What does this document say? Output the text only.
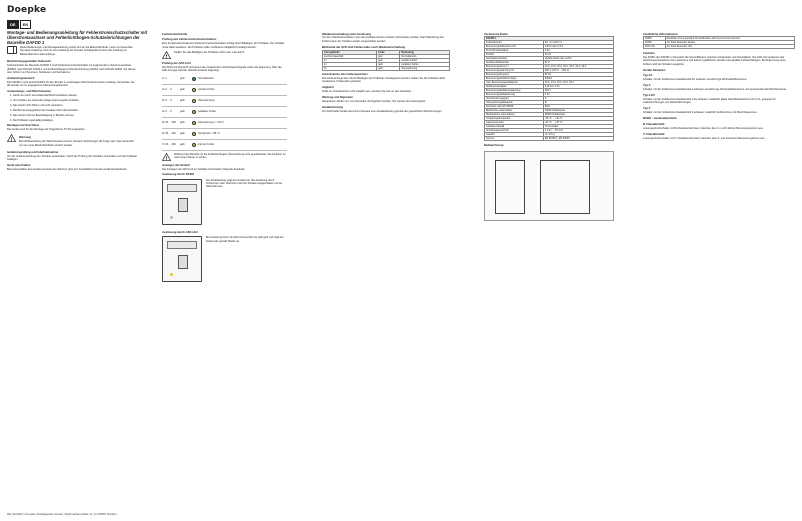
Doepke
DE	EN
Montage- und Bedienungsanleitung für Fehlerstromschutzschalter mit Überstromauslöser und Fehlerlichtbogen-Schutzeinrichtungen der Baureihe DAFDD 1

Diese Bedienungs- und Montageanleitung richtet sich an die Elektrofachkraft. Lesen und beachten Sie diese Anleitung. Dies ist eine Anleitung der Doepke Schaltgeräte GmbH. Die Anleitung ist Bestandteil des Lieferumfangs.

Bestimmungsgemäßer Gebrauch

Schutzschalter der Baureihe DAFDD 1 sind Fehlerstromschutzschalter mit ergänzendem Überstromauslöser (RCBO) nach DIN EN 61009-1 und Fehlerlichtbogen-Schutzeinrichtung (AFDD) nach DIN EN 62606. Sie dienen dem Schutz von Personen, Nutztieren und Sachwerten.

Anwendungsbereich

Die DAFDD 1 sind ausschließlich für den Einsatz in einphasigen Wechselstromnetzen zulässig. Verwenden Sie die Geräte nur im angegebenen Bemessungsbereich.

Anwendungs- und Warnhinweise

1. Gerät nur durch eine Elektrofachkraft installieren lassen.

2. Vor Arbeiten am Gerät die Anlage spannungsfrei schalten.

3. Das Gerät nicht öffnen und nicht verändern.

4. Die Bemessungsgrößen des Gerätes nicht überschreiten.

5. Das Gerät nicht bei Beschädigung in Betrieb nehmen.

6. Die Prüftaste regelmäßig betätigen.

Montage und Anschluss

Die Geräte sind für die Montage auf Tragschiene TS 35 vorgesehen.

!
Warnung

Bei Nichtbeachtung der Warnhinweise können schwere Verletzungen die Folge sein. Das Gerät darf nur von einer Elektrofachkraft montiert werden.

Isolationsprüfung und Inbetriebnahme

Vor der Isolationsprüfung den Schalter ausschalten. Nach der Prüfung den Schalter einschalten und die Prüftaste betätigen.

Gerät einschalten

Beim Einschalten des Gerätes leuchtet die LED kurz grün auf. Anschließend ist das Gerät betriebsbereit.

Funktionskontrolle
Prüfung des Fehlerstromschutzschalters

Eine Funktionskontrolle des Fehlerstromschutzschalters erfolgt durch Betätigen der Prüftaste. Der Schalter muss dabei auslösen. Die Prüftaste sollte mindestens halbjährlich betätigt werden.

!

Stellen Sie das Betätigen der Prüftaste nicht unter Last durch.

Prüfung der AFD-Unit

Die AFD-Unit überprüft permanent die eingehenden Hochfrequenzsignale sowie die Spannung. Über die LED-Anzeige wird der aktuelle Zustand angezeigt.

1x 1 ...	grün	Normalbetrieb
2x 0 ... 3	gelb	serieller Fehler
3x 0 ... 3	gelb	Überspannung
4x 0 ... 3	gelb	paralleler Fehler
5x 30 ... 300	gelb	Überspannung > 270 V
6x 30 ... 300	gelb	Temperatur > 85 °C
7x 30 ... 300	gelb	interner Fehler
!

Während des Betriebs ist die Fehlerlichtbogen-Überwachung nicht gewährleistet. Die Funktion ist nach einem Reset zu prüfen.

Anzeigen der Einheit

Die Anzeigen der AFD-Unit am Schalter beschreiben folgende Zustände:

Auslösung durch RCBO
Die Schaltstellung zeigt den Zustand an. Bei Auslösung durch Fehlerstrom oder Überstrom wird der Schalter ausgeschaltet und die LED bleibt aus.
Auslösung durch AFD-Unit
Bei Auslösung durch die AFD-Unit leuchtet die LED gelb und zeigt den Fehlercode gemäß Tabelle an.
Wiedereinschaltung nach Auslösung

Vor dem Wiedereinschalten muss die Auslöseursache ermittelt und behoben werden. Nach Behebung des Fehlers kann der Schalter wieder eingeschaltet werden.

Blinkcode der AFD-Unit Fehlercodes nach Wiedereinschaltung
Anzeigeblinkt	Farbe	Bedeutung
leuchtet dauerhaft	grün	Normalbetrieb
1x	gelb	serieller Fehler
2x	gelb	paralleler Fehler
3x	gelb	Überspannung
Zurücksetzen des Fehlerspeichers

Die Fehleranzeige kann durch Betätigen der Prüftaste zurückgesetzt werden. Halten Sie die Prüftaste dafür mindestens 3 Sekunden gedrückt.

Abgleich

Sollte ein Zurücksetzen nicht möglich sein, wenden Sie sich an den Hersteller.

Wartung und Reparatur

Reparaturen dürfen nur vom Hersteller durchgeführt werden. Die Geräte sind wartungsfrei.

Gewährleistung

Für fehlerhafte Geräte übernimmt Doepke eine Gewährleistung gemäß den gesetzlichen Bestimmungen.

Technische Daten
DAFDD 1	
Fehlerstromart	AC / A / A EV / F
Bemessungsfehlerstrom IΔn	0,03 A oder 0,3 A
Kurzschlussfestigkeit	6 kA
Polzahl	1P+N
Neutralleiterposition	Variabel links oder rechts
Auslösecharakteristik	B, C
Bemessungsstrom In	10 A, 13 A, 16 A, 20 A, 25 A, 32 A, 40 A
Bemessungsspannung Un	230 V (170 V ... 264 V)
Bemessungsfrequenz	50 Hz
Bemessungsschaltvermögen	6000 A
max. Bemessungsschaltstrom	10 A, 13 A, 16 A, 20 A, 25 A
Stoßstromfestigkeit	0,25 kA / 3 kA
Bemessungsisolationsspannung	250 V
Bemessungsstoßspannung	4 kV
Verschmutzungsgrad	2
Überspannungskategorie	III
Schutzart nach EN 60529	IP20
Elektrische Lebensdauer	10000 Schaltspiele
Mechanische Lebensdauer	20000 Schaltspiele
Umgebungstemperatur	-25 °C ... +40 °C
Lagertemperatur	-40 °C ... +70 °C
Gehäusematerial	Thermoplast
Anschlussquerschnitt	1 mm² ... 25 mm²
Gewicht	ca. 270 g
Normen	EN 61009-1, EN 62606
Maßzeichnung
Zusätzliche Informationen
RCBO	Residual current operated Circuit-Breaker with Overcurrent protection
AFDD	Arc Fault Detection Device
AFD-Unit	Arc Fault Detection Unit
Funktion

Der RCBO der DAFDD 1 überwacht die Stromdifferenz zwischen Außenleiter und Neutralleiter. Die AFD-Unit analysiert das Hochfrequenzspektrum des Laststroms und erkennt gefährliche serielle und parallele Fehlerlichtbögen. Bei Erkennung eines Fehlers wird der Schalter ausgelöst.

Geräte-Varianten
Typ AC

Schalter mit der Fehlerstromcharakteristik AC erfassen sinusförmige Wechselfehlerströme.

Typ A

Schalter mit der Fehlerstromcharakteristik A erfassen sinusförmige Wechselfehlerströme und pulsierende Gleichfehlerströme.

Typ A EV

Schalter mit der Fehlerstromcharakteristik A EV erfassen zusätzlich glatte Gleichfehlerströme bis 6 mA, geeignet für Ladeeinrichtungen von Elektrofahrzeugen.

Typ F

Schalter mit der Fehlerstromcharakteristik F erfassen zusätzlich Fehlerströme mit Mischfrequenzen.

RCBO - Auslösekennlinie
B-Charakteristik

Leitungsschutzschalter mit B-Charakteristik lösen zwischen dem 3- und 5-fachen Bemessungsstrom aus.

C-Charakteristik

Leitungsschutzschalter mit C-Charakteristik lösen zwischen dem 5- und 10-fachen Bemessungsstrom aus.

DE 01/2024 | Doepke Schaltgeräte GmbH, Stellmacherstraße 11, D-26506 Norden
